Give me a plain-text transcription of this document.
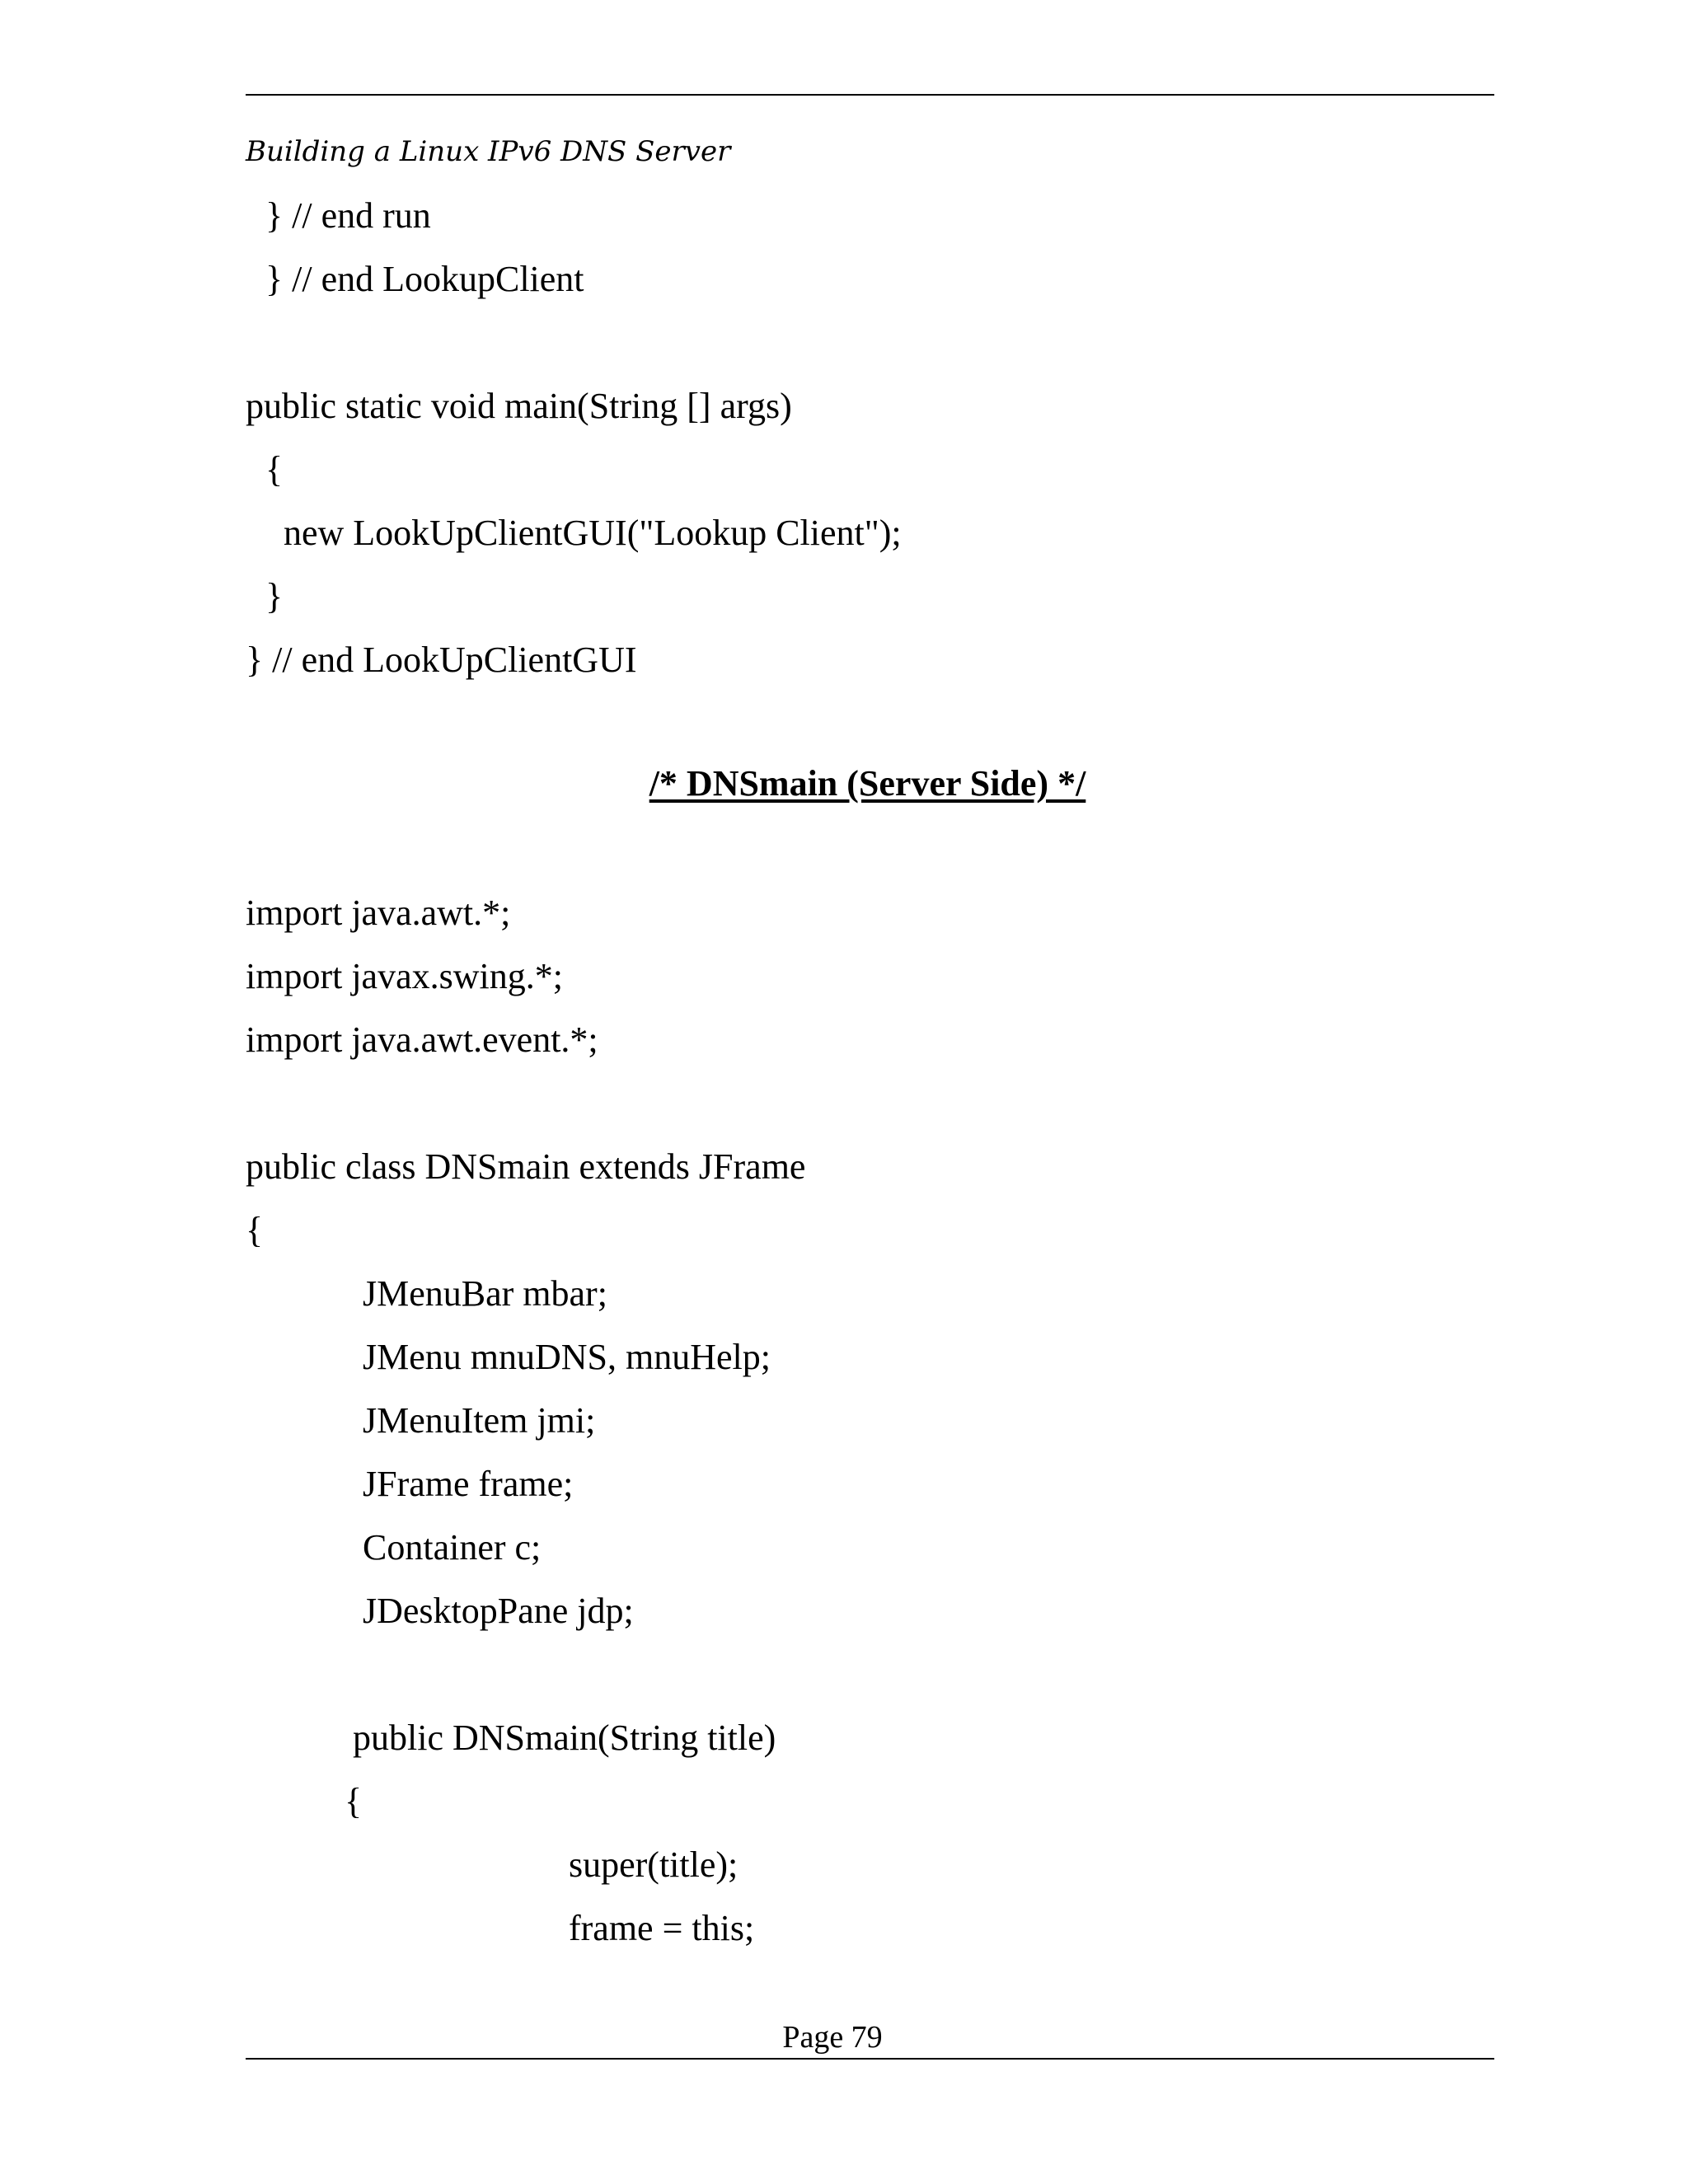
Building a Linux IPv6 DNS Server
} // end run
} // end LookupClient
public static void main(String [] args)
{
new LookUpClientGUI("Lookup Client");
}
} // end LookUpClientGUI
/* DNSmain (Server Side) */
import java.awt.*;
import javax.swing.*;
import java.awt.event.*;
public class DNSmain extends JFrame
{
JMenuBar mbar;
JMenu mnuDNS, mnuHelp;
JMenuItem jmi;
JFrame frame;
Container c;
JDesktopPane jdp;
public DNSmain(String title)
{
super(title);
frame = this;
Page 79
